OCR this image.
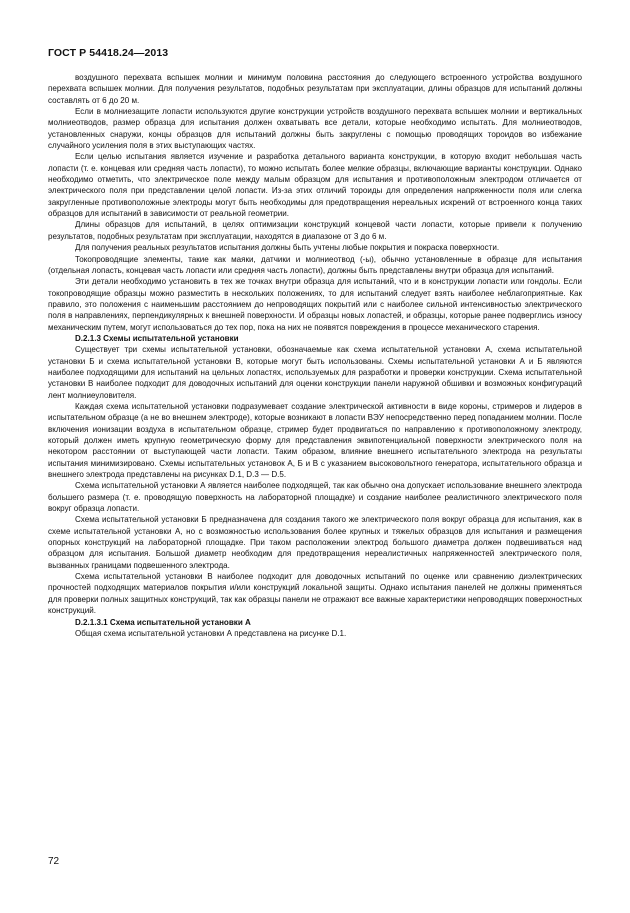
ГОСТ Р 54418.24—2013

воздушного перехвата вспышек молнии и минимум половина расстояния до следующего встроенного устройства воздушного перехвата вспышек молнии. Для получения результатов, подобных результатам при эксплуатации, длины образцов для испытаний должны составлять от 6 до 20 м.

Если в молниезащите лопасти используются другие конструкции устройств воздушного перехвата вспышек молнии и вертикальных молниеотводов, размер образца для испытания должен охватывать все детали, которые необходимо испытать. Для молниеотводов, установленных снаружи, концы образцов для испытаний должны быть закруглены с помощью проводящих тороидов во избежание случайного усиления поля в этих выступающих частях.

Если целью испытания является изучение и разработка детального варианта конструкции, в которую входит небольшая часть лопасти (т. е. концевая или средняя часть лопасти), то можно испытать более мелкие образцы, включающие варианты конструкции. Однако необходимо отметить, что электрическое поле между малым образцом для испытания и противоположным электродом отличается от электрического поля при представлении целой лопасти. Из-за этих отличий тороиды для определения напряженности поля или слегка закругленные противоположные электроды могут быть необходимы для предотвращения нереальных искрений от встроенного конца таких образцов для испытаний в зависимости от реальной геометрии.

Длины образцов для испытаний, в целях оптимизации конструкций концевой части лопасти, которые привели к получению результатов, подобных результатам при эксплуатации, находятся в диапазоне от 3 до 6 м.

Для получения реальных результатов испытания должны быть учтены любые покрытия и покраска поверхности.

Токопроводящие элементы, такие как маяки, датчики и молниеотвод (-ы), обычно установленные в образце для испытания (отдельная лопасть, концевая часть лопасти или средняя часть лопасти), должны быть представлены внутри образца для испытаний.

Эти детали необходимо установить в тех же точках внутри образца для испытаний, что и в конструкции лопасти или гондолы. Если токопроводящие образцы можно разместить в нескольких положениях, то для испытаний следует взять наиболее неблагоприятные. Как правило, это положения с наименьшим расстоянием до непроводящих покрытий или с наиболее сильной интенсивностью электрического поля в направлениях, перпендикулярных к внешней поверхности. И образцы новых лопастей, и образцы, которые ранее подверглись износу механическим путем, могут использоваться до тех пор, пока на них не появятся повреждения в процессе механического старения.

D.2.1.3 Схемы испытательной установки

Существует три схемы испытательной установки, обозначаемые как схема испытательной установки А, схема испытательной установки Б и схема испытательной установки В, которые могут быть использованы. Схемы испытательной установки А и Б являются наиболее подходящими для испытаний на цельных лопастях, используемых для разработки и проверки конструкции. Схема испытательной установки В наиболее подходит для доводочных испытаний для оценки конструкции панели наружной обшивки и возможных конфигураций лент молниеуловителя.

Каждая схема испытательной установки подразумевает создание электрической активности в виде короны, стримеров и лидеров в испытательном образце (а не во внешнем электроде), которые возникают в лопасти ВЭУ непосредственно перед попаданием молнии. После включения ионизации воздуха в испытательном образце, стример будет продвигаться по направлению к противоположному электроду, который должен иметь крупную геометрическую форму для представления эквипотенциальной поверхности электрического поля на некотором расстоянии от выступающей части лопасти. Таким образом, влияние внешнего испытательного электрода на результаты испытания минимизировано. Схемы испытательных установок А, Б и В с указанием высоковольтного генератора, испытательного образца и внешнего электрода представлены на рисунках D.1, D.3 — D.5.

Схема испытательной установки А является наиболее подходящей, так как обычно она допускает использование внешнего электрода большего размера (т. е. проводящую поверхность на лабораторной площадке) и создание наиболее реалистичного электрического поля вокруг образца лопасти.

Схема испытательной установки Б предназначена для создания такого же электрического поля вокруг образца для испытания, как в схеме испытательной установки А, но с возможностью использования более крупных и тяжелых образцов для испытания и размещения опорных конструкций на лабораторной площадке. При таком расположении электрод большого диаметра должен подвешиваться над образцом для испытания. Большой диаметр необходим для предотвращения нереалистичных напряженностей электрического поля, вызванных границами подвешенного электрода.

Схема испытательной установки В наиболее подходит для доводочных испытаний по оценке или сравнению диэлектрических прочностей подходящих материалов покрытия и/или конструкций локальной защиты. Однако испытания панелей не должны применяться для проверки полных защитных конструкций, так как образцы панели не отражают все важные характеристики непроводящих поверхностных конструкций.

D.2.1.3.1 Схема испытательной установки А

Общая схема испытательной установки А представлена на рисунке D.1.

72
